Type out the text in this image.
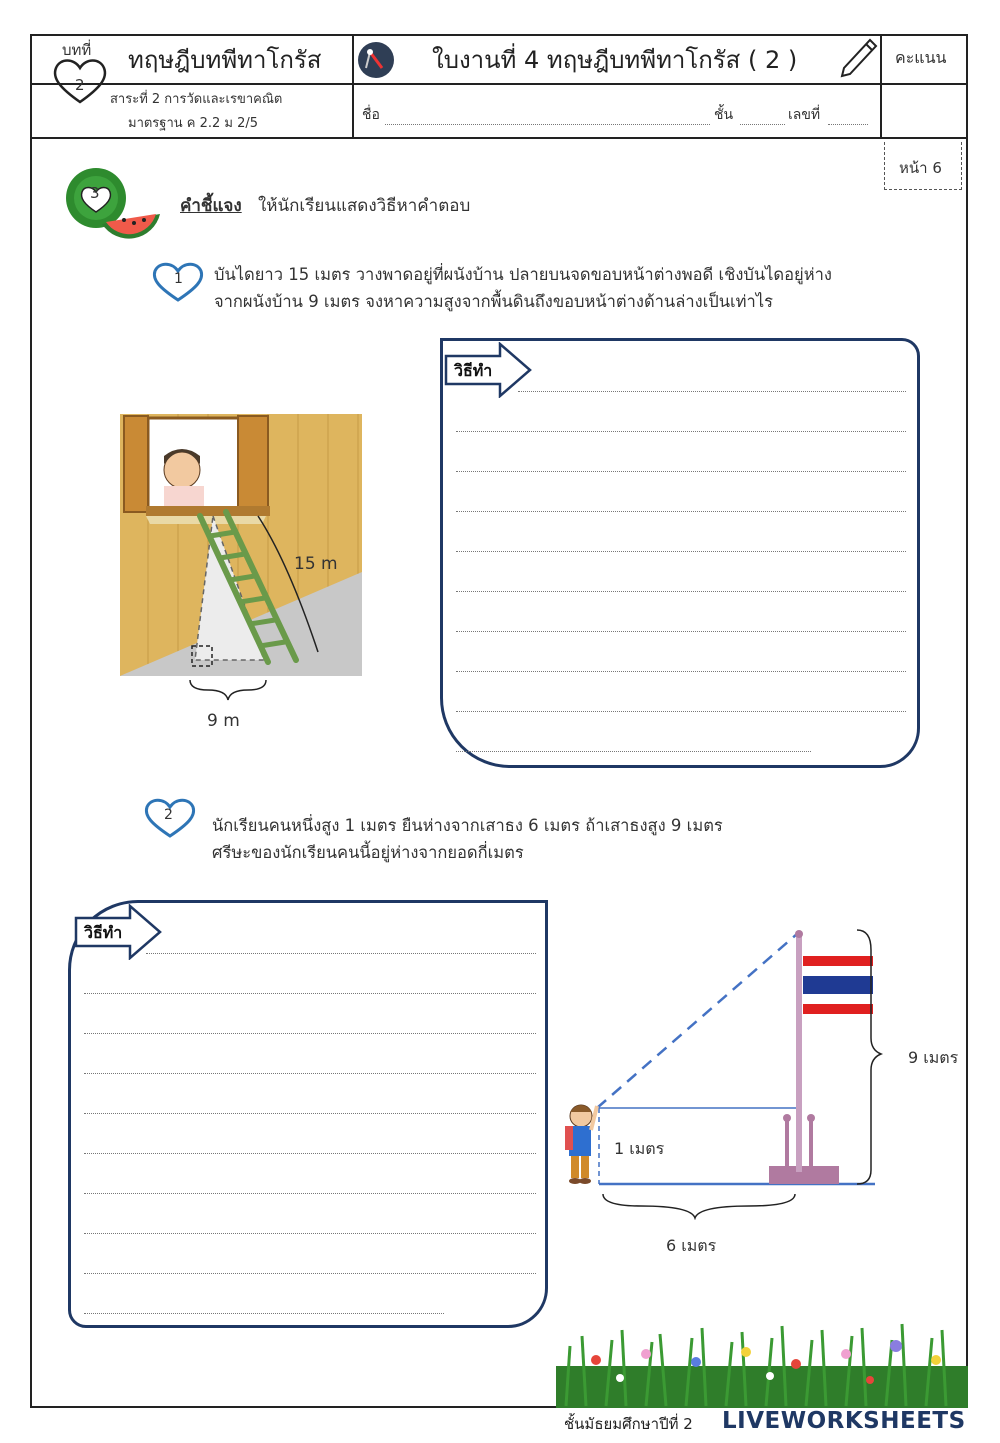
บทที่
2
ทฤษฎีบทพีทาโกรัส
สาระที่ 2 การวัดและเรขาคณิต
มาตรฐาน ค 2.2 ม 2/5
ใบงานที่ 4 ทฤษฎีบทพีทาโกรัส ( 2 )	คะแนน
ชื่อ	ชั้น	เลขที่
หน้า 6
3
คำชี้แจง ให้นักเรียนแสดงวิธีหาคำตอบ
1 บันไดยาว 15 เมตร วางพาดอยู่ที่ผนังบ้าน ปลายบนจดขอบหน้าต่างพอดี เชิงบันไดอยู่ห่าง
จากผนังบ้าน 9 เมตร จงหาความสูงจากพื้นดินถึงขอบหน้าต่างด้านล่างเป็นเท่าไร
15 m
9 m
วิธีทำ
2
นักเรียนคนหนึ่งสูง 1 เมตร ยืนห่างจากเสาธง 6 เมตร ถ้าเสาธงสูง 9 เมตร
ศรีษะของนักเรียนคนนี้อยู่ห่างจากยอดกี่เมตร
วิธีทำ
9 เมตร
1 เมตร
6 เมตร
ชั้นมัธยมศึกษาปีที่ 2 LIVEWORKSHEETS
